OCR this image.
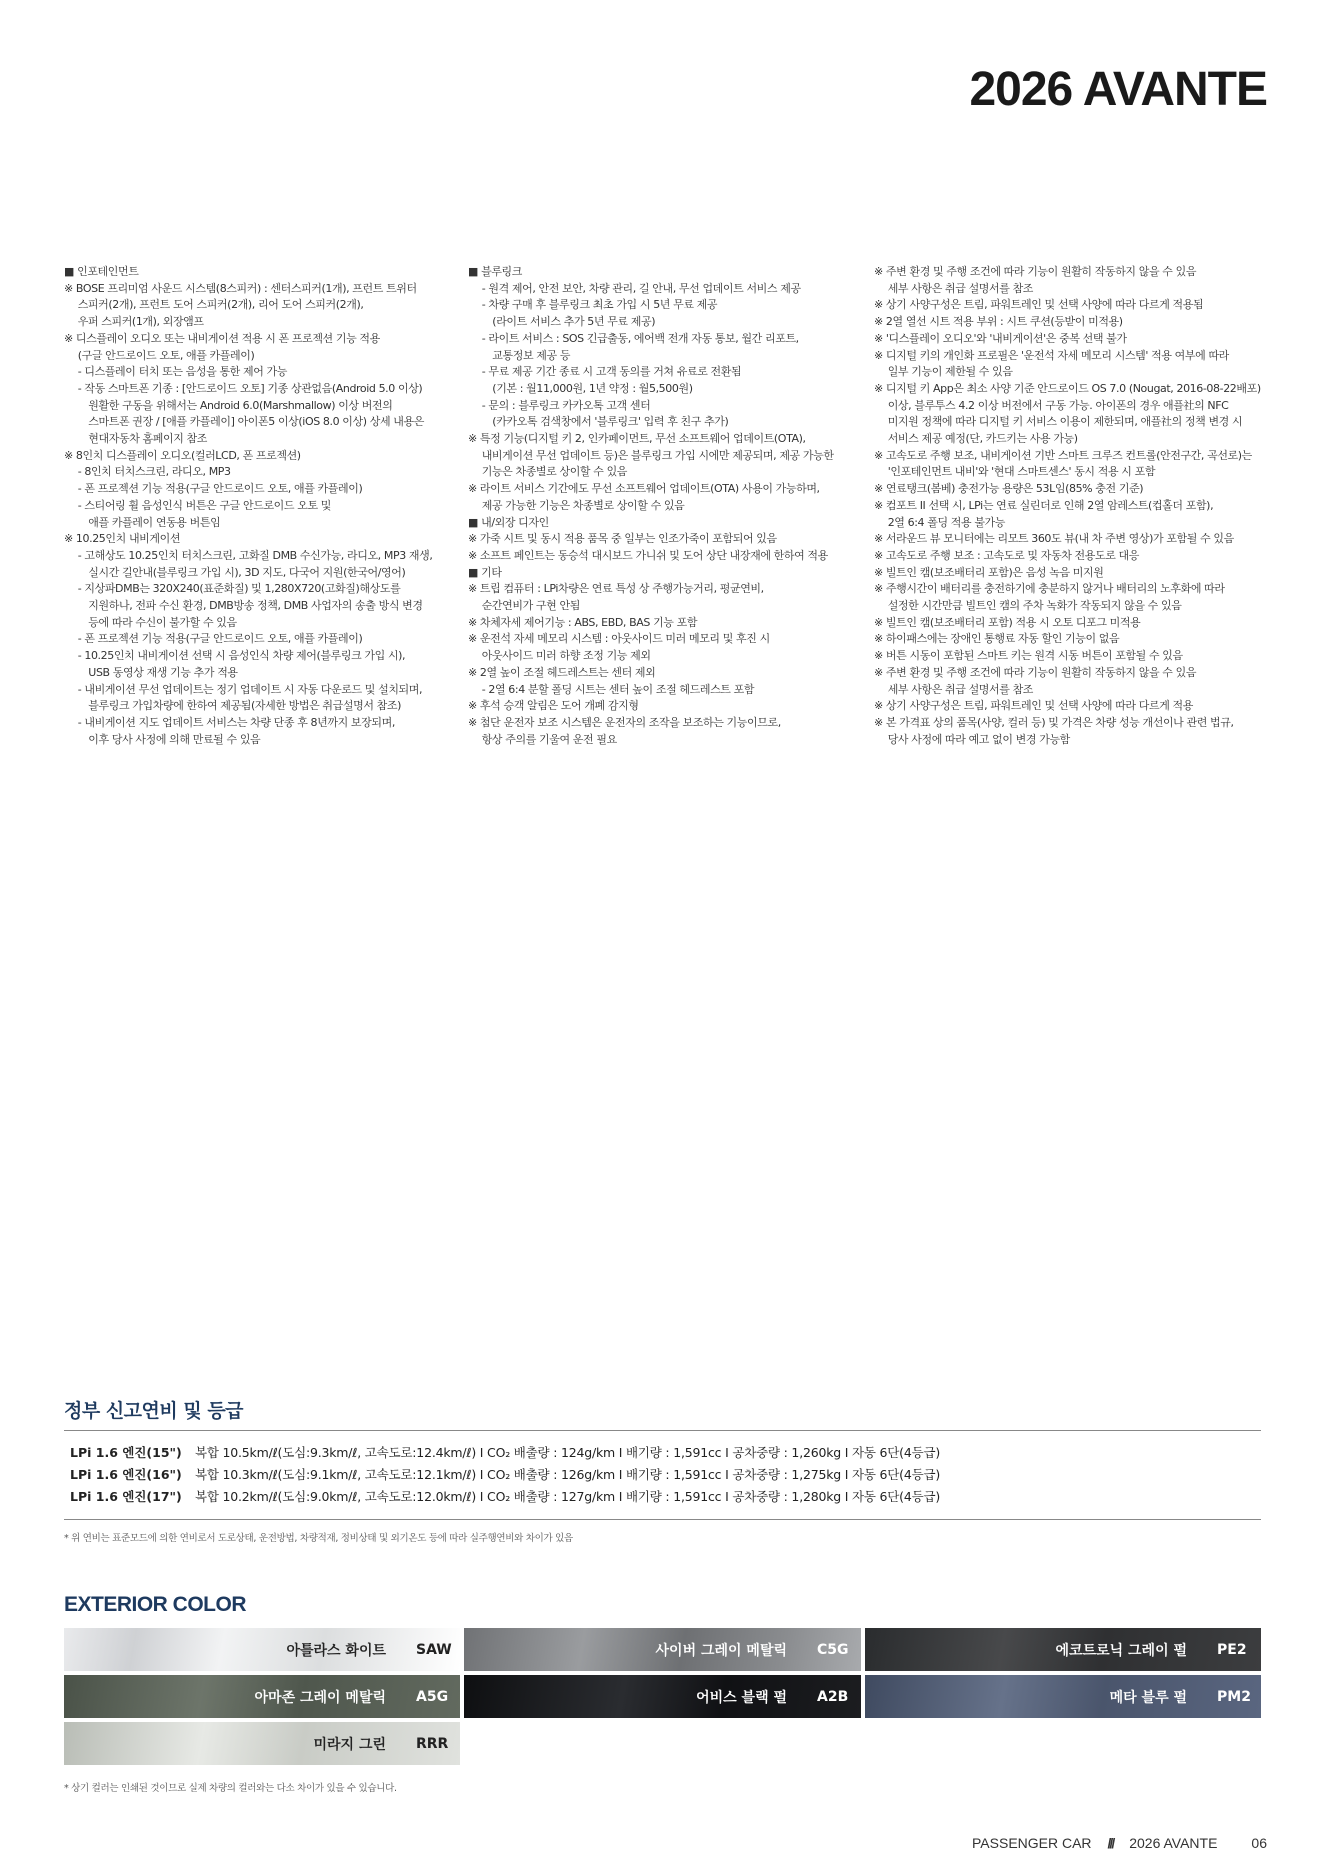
2026 AVANTE
■ 인포테인먼트
※ BOSE 프리미엄 사운드 시스템(8스피커) : 센터스피커(1개), 프런트 트위터
　 스피커(2개), 프런트 도어 스피커(2개), 리어 도어 스피커(2개),
　 우퍼 스피커(1개), 외장앰프
※ 디스플레이 오디오 또는 내비게이션 적용 시 폰 프로젝션 기능 적용
　 (구글 안드로이드 오토, 애플 카플레이)
　 - 디스플레이 터치 또는 음성을 통한 제어 가능
　 - 작동 스마트폰 기종 : [안드로이드 오토] 기종 상관없음(Android 5.0 이상)
　 　원활한 구동을 위해서는 Android 6.0(Marshmallow) 이상 버전의
　 　스마트폰 권장 / [애플 카플레이] 아이폰5 이상(iOS 8.0 이상) 상세 내용은
　 　현대자동차 홈페이지 참조
※ 8인치 디스플레이 오디오(컬러LCD, 폰 프로젝션)
　 - 8인치 터치스크린, 라디오, MP3
　 - 폰 프로젝션 기능 적용(구글 안드로이드 오토, 애플 카플레이)
　 - 스티어링 휠 음성인식 버튼은 구글 안드로이드 오토 및
　 　애플 카플레이 연동용 버튼임
※ 10.25인치 내비게이션
　 - 고해상도 10.25인치 터치스크린, 고화질 DMB 수신가능, 라디오, MP3 재생,
　 　실시간 길안내(블루링크 가입 시), 3D 지도, 다국어 지원(한국어/영어)
　 - 지상파DMB는 320X240(표준화질) 및 1,280X720(고화질)해상도를
　 　지원하나, 전파 수신 환경, DMB방송 정책, DMB 사업자의 송출 방식 변경
　 　등에 따라 수신이 불가할 수 있음
　 - 폰 프로젝션 기능 적용(구글 안드로이드 오토, 애플 카플레이)
　 - 10.25인치 내비게이션 선택 시 음성인식 차량 제어(블루링크 가입 시),
　 　USB 동영상 재생 기능 추가 적용
　 - 내비게이션 무선 업데이트는 정기 업데이트 시 자동 다운로드 및 설치되며,
　 　블루링크 가입차량에 한하여 제공됨(자세한 방법은 취급설명서 참조)
　 - 내비게이션 지도 업데이트 서비스는 차량 단종 후 8년까지 보장되며,
　 　이후 당사 사정에 의해 만료될 수 있음
■ 블루링크
　 - 원격 제어, 안전 보안, 차량 관리, 길 안내, 무선 업데이트 서비스 제공
　 - 차량 구매 후 블루링크 최초 가입 시 5년 무료 제공
　 　(라이트 서비스 추가 5년 무료 제공)
　 - 라이트 서비스 : SOS 긴급출동, 에어백 전개 자동 통보, 월간 리포트,
　 　교통정보 제공 등
　 - 무료 제공 기간 종료 시 고객 동의를 거쳐 유료로 전환됨
　 　(기본 : 월11,000원, 1년 약정 : 월5,500원)
　 - 문의 : 블루링크 카카오톡 고객 센터
　 　(카카오톡 검색창에서 '블루링크' 입력 후 친구 추가)
※ 특정 기능(디지털 키 2, 인카페이먼트, 무선 소프트웨어 업데이트(OTA),
　 내비게이션 무선 업데이트 등)은 블루링크 가입 시에만 제공되며, 제공 가능한
　 기능은 차종별로 상이할 수 있음
※ 라이트 서비스 기간에도 무선 소프트웨어 업데이트(OTA) 사용이 가능하며,
　 제공 가능한 기능은 차종별로 상이할 수 있음
■ 내/외장 디자인
※ 가죽 시트 및 동시 적용 품목 중 일부는 인조가죽이 포함되어 있음
※ 소프트 페인트는 동승석 대시보드 가니쉬 및 도어 상단 내장재에 한하여 적용
■ 기타
※ 트립 컴퓨터 : LPi차량은 연료 특성 상 주행가능거리, 평균연비,
　 순간연비가 구현 안됨
※ 차체자세 제어기능 : ABS, EBD, BAS 기능 포함
※ 운전석 자세 메모리 시스템 : 아웃사이드 미러 메모리 및 후진 시
　 아웃사이드 미러 하향 조정 기능 제외
※ 2열 높이 조절 헤드레스트는 센터 제외
　 - 2열 6:4 분할 폴딩 시트는 센터 높이 조절 헤드레스트 포함
※ 후석 승객 알림은 도어 개폐 감지형
※ 첨단 운전자 보조 시스템은 운전자의 조작을 보조하는 기능이므로,
　 항상 주의를 기울여 운전 필요
※ 주변 환경 및 주행 조건에 따라 기능이 원활히 작동하지 않을 수 있음
　 세부 사항은 취급 설명서를 참조
※ 상기 사양구성은 트림, 파워트레인 및 선택 사양에 따라 다르게 적용됨
※ 2열 열선 시트 적용 부위 : 시트 쿠션(등받이 미적용)
※ '디스플레이 오디오'와 '내비게이션'은 중복 선택 불가
※ 디지털 키의 개인화 프로필은 '운전석 자세 메모리 시스템' 적용 여부에 따라
　 일부 기능이 제한될 수 있음
※ 디지털 키 App은 최소 사양 기준 안드로이드 OS 7.0 (Nougat, 2016-08-22배포)
　 이상, 블루투스 4.2 이상 버전에서 구동 가능. 아이폰의 경우 애플社의 NFC
　 미지원 정책에 따라 디지털 키 서비스 이용이 제한되며, 애플社의 정책 변경 시
　 서비스 제공 예정(단, 카드키는 사용 가능)
※ 고속도로 주행 보조, 내비게이션 기반 스마트 크루즈 컨트롤(안전구간, 곡선로)는
　 '인포테인먼트 내비'와 '현대 스마트센스' 동시 적용 시 포함
※ 연료탱크(봄베) 충전가능 용량은 53L임(85% 충전 기준)
※ 컴포트 II 선택 시, LPi는 연료 실린더로 인해 2열 암레스트(컵홀더 포함),
　 2열 6:4 폴딩 적용 불가능
※ 서라운드 뷰 모니터에는 리모트 360도 뷰(내 차 주변 영상)가 포함될 수 있음
※ 고속도로 주행 보조 : 고속도로 및 자동차 전용도로 대응
※ 빌트인 캠(보조배터리 포함)은 음성 녹음 미지원
※ 주행시간이 배터리를 충전하기에 충분하지 않거나 배터리의 노후화에 따라
　 설정한 시간만큼 빌트인 캠의 주차 녹화가 작동되지 않을 수 있음
※ 빌트인 캠(보조배터리 포함) 적용 시 오토 디포그 미적용
※ 하이패스에는 장애인 통행료 자동 할인 기능이 없음
※ 버튼 시동이 포함된 스마트 키는 원격 시동 버튼이 포함될 수 있음
※ 주변 환경 및 주행 조건에 따라 기능이 원활히 작동하지 않을 수 있음
　 세부 사항은 취급 설명서를 참조
※ 상기 사양구성은 트림, 파워트레인 및 선택 사양에 따라 다르게 적용
※ 본 가격표 상의 품목(사양, 컬러 등) 및 가격은 차량 성능 개선이나 관련 법규,
　 당사 사정에 따라 예고 없이 변경 가능함
정부 신고연비 및 등급
LPi 1.6 엔진(15")	복합 10.5km/ℓ(도심:9.3km/ℓ, 고속도로:12.4km/ℓ) I CO₂ 배출량 : 124g/km I 배기량 : 1,591cc I 공차중량 : 1,260kg I 자동 6단(4등급)
LPi 1.6 엔진(16")	복합 10.3km/ℓ(도심:9.1km/ℓ, 고속도로:12.1km/ℓ) I CO₂ 배출량 : 126g/km I 배기량 : 1,591cc I 공차중량 : 1,275kg I 자동 6단(4등급)
LPi 1.6 엔진(17")	복합 10.2km/ℓ(도심:9.0km/ℓ, 고속도로:12.0km/ℓ) I CO₂ 배출량 : 127g/km I 배기량 : 1,591cc I 공차중량 : 1,280kg I 자동 6단(4등급)
* 위 연비는 표준모드에 의한 연비로서 도로상태, 운전방법, 차량적재, 정비상태 및 외기온도 등에 따라 실주행연비와 차이가 있음
EXTERIOR COLOR
아틀라스 화이트 SAW	사이버 그레이 메탈릭 C5G	에코트로닉 그레이 펄 PE2
아마존 그레이 메탈릭 A5G	어비스 블랙 펄 A2B	메타 블루 펄 PM2
미라지 그린 RRR
* 상기 컬러는 인쇄된 것이므로 실제 차량의 컬러와는 다소 차이가 있을 수 있습니다.
PASSENGER CAR /// 2026 AVANTE 06
